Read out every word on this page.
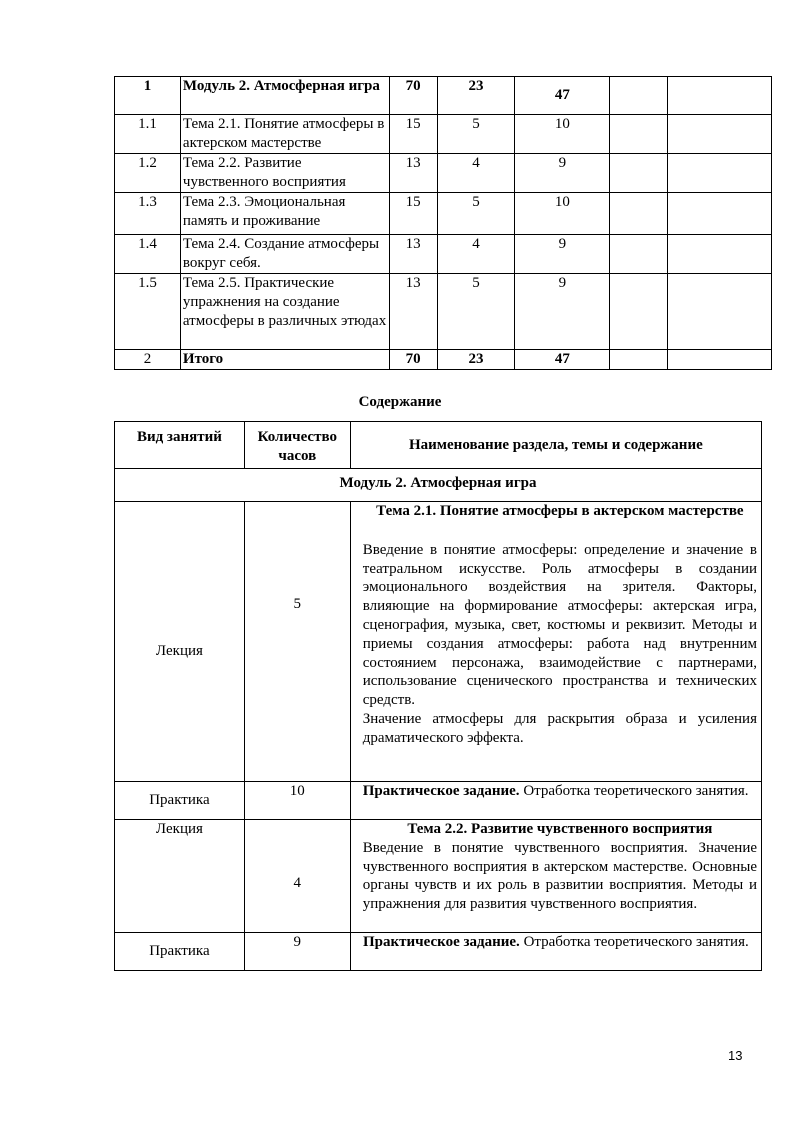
1	Модуль 2. Атмосферная игра	70	23	47		
1.1	Тема 2.1. Понятие атмосферы в актерском мастерстве	15	5	10		
1.2	Тема 2.2. Развитие чувственного восприятия	13	4	9		
1.3	Тема 2.3. Эмоциональная память и проживание	15	5	10		
1.4	Тема 2.4. Создание атмосферы вокруг себя.	13	4	9		
1.5	Тема 2.5. Практические упражнения на создание атмосферы в различных этюдах	13	5	9		
2	Итого	70	23	47		
Содержание
Вид занятий	Количество часов	Наименование раздела, темы и содержание
Модуль 2. Атмосферная игра		
Лекция	5	Тема 2.1. Понятие атмосферы в актерском мастерстве
Введение в понятие атмосферы: определение и значение в театральном искусстве. Роль атмосферы в создании эмоционального воздействия на зрителя. Факторы, влияющие на формирование атмосферы: актерская игра, сценография, музыка, свет, костюмы и реквизит. Методы и приемы создания атмосферы: работа над внутренним состоянием персонажа, взаимодействие с партнерами, использование сценического пространства и технических средств.
Значение атмосферы для раскрытия образа и усиления драматического эффекта.

Практика	10	Практическое задание. Отработка теоретического занятия.
Лекция	4	Тема 2.2. Развитие чувственного восприятия
Введение в понятие чувственного восприятия. Значение чувственного восприятия в актерском мастерстве. Основные органы чувств и их роль в развитии восприятия. Методы и упражнения для развития чувственного восприятия.

Практика	9	Практическое задание. Отработка теоретического занятия.
13
